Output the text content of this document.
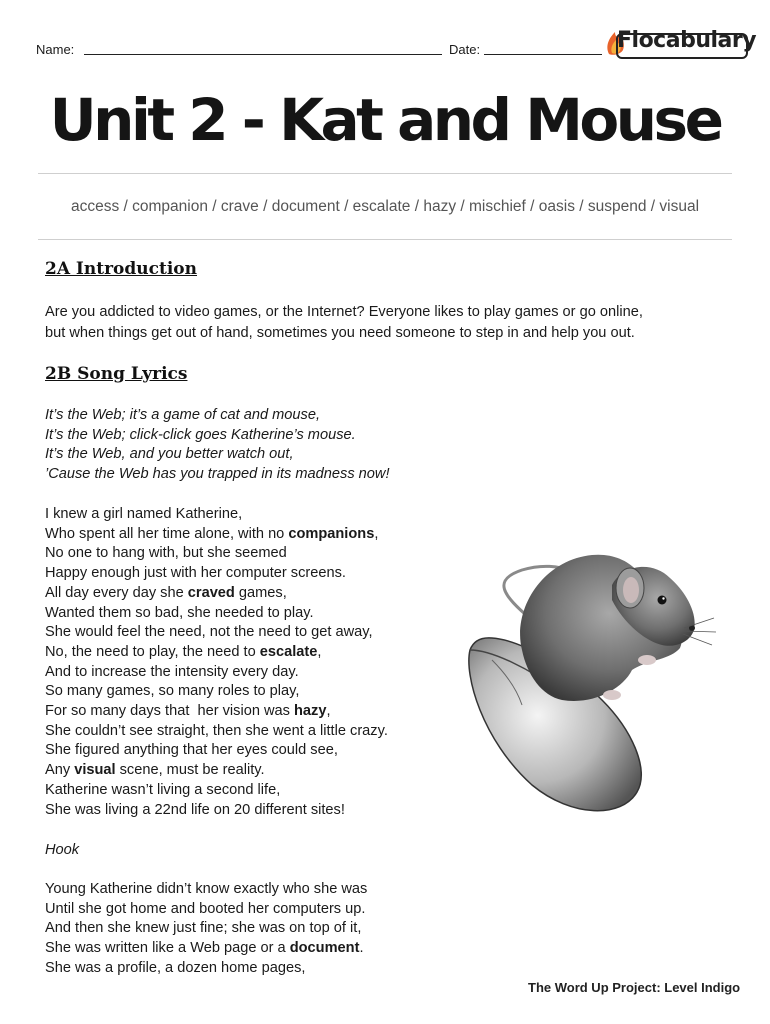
Name:	Date:	Flocabulary
Unit 2 - Kat and Mouse
access / companion / crave / document / escalate / hazy / mischief / oasis / suspend / visual
2A Introduction
Are you addicted to video games, or the Internet? Everyone likes to play games or go online,
but when things get out of hand, sometimes you need someone to step in and help you out.
2B Song Lyrics
It’s the Web; it’s a game of cat and mouse,
It’s the Web; click-click goes Katherine’s mouse.
It’s the Web, and you better watch out,
’Cause the Web has you trapped in its madness now!
I knew a girl named Katherine,
Who spent all her time alone, with no companions,
No one to hang with, but she seemed
Happy enough just with her computer screens.
All day every day she craved games,
Wanted them so bad, she needed to play.
She would feel the need, not the need to get away,
No, the need to play, the need to escalate,
And to increase the intensity every day.
So many games, so many roles to play,
For so many days that  her vision was hazy,
She couldn’t see straight, then she went a little crazy.
She figured anything that her eyes could see,
Any visual scene, must be reality.
Katherine wasn’t living a second life,
She was living a 22nd life on 20 different sites!
Hook
Young Katherine didn’t know exactly who she was
Until she got home and booted her computers up.
And then she knew just fine; she was on top of it,
She was written like a Web page or a document.
She was a profile, a dozen home pages,
The Word Up Project: Level Indigo
